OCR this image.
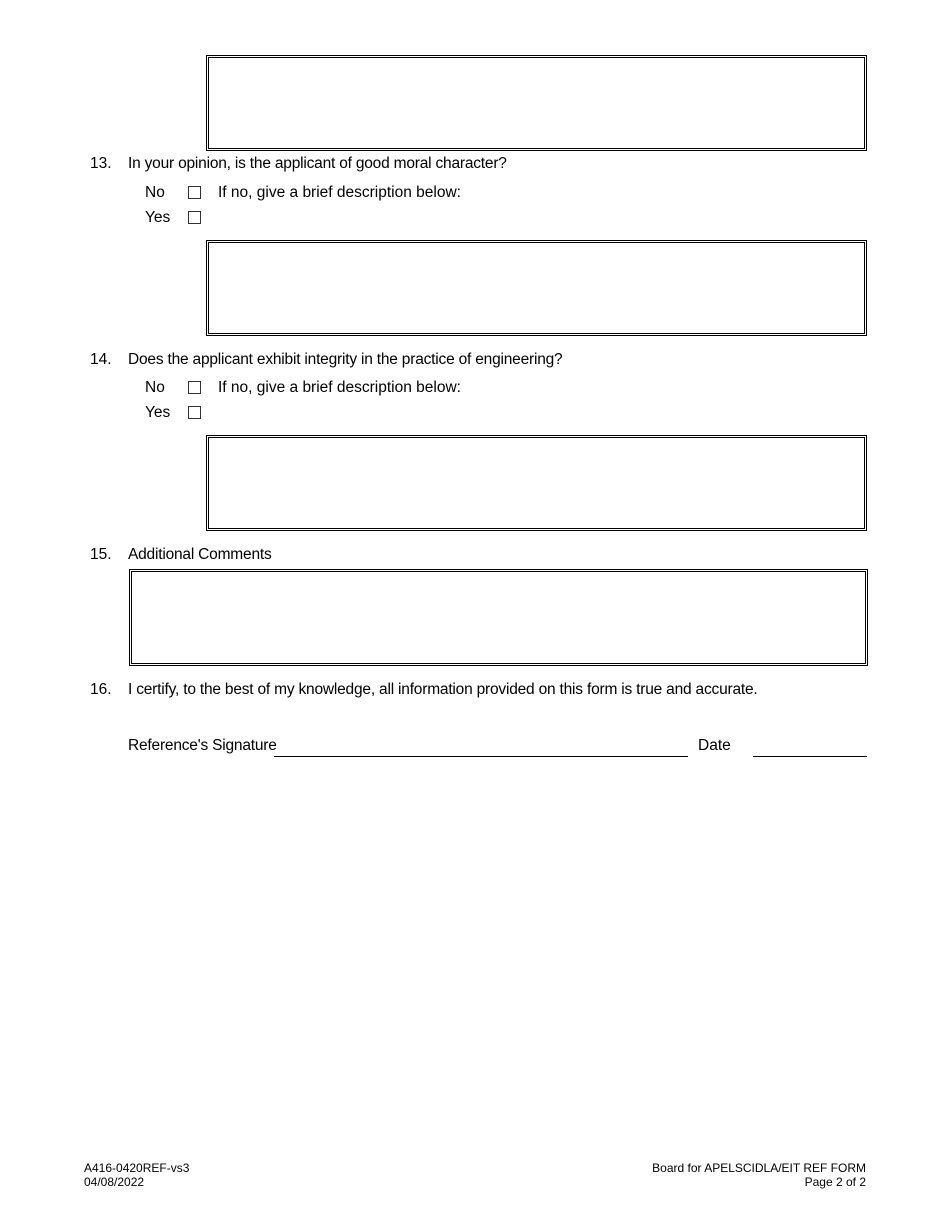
13. In your opinion, is the applicant of good moral character?
No	If no, give a brief description below:
Yes
14. Does the applicant exhibit integrity in the practice of engineering?
No	If no, give a brief description below:
Yes
15. Additional Comments
16. I certify, to the best of my knowledge, all information provided on this form is true and accurate.
Reference's Signature	Date
A416-0420REF-vs3
04/08/2022
Board for APELSCIDLA/EIT REF FORM
Page 2 of 2
